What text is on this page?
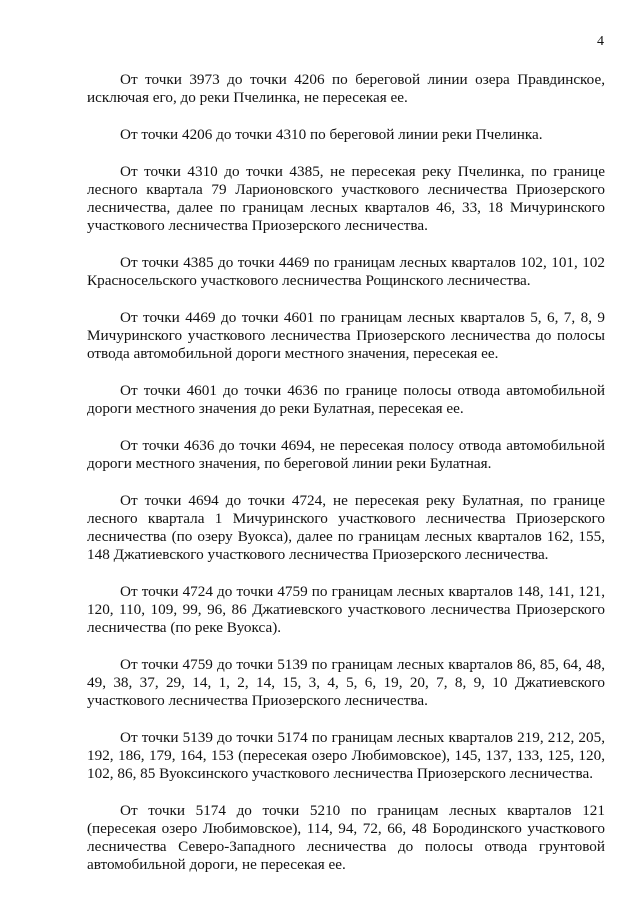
4

От точки 3973 до точки 4206 по береговой линии озера Правдинское, исключая его, до реки Пчелинка, не пересекая ее.

От точки 4206 до точки 4310 по береговой линии реки Пчелинка.

От точки 4310 до точки 4385, не пересекая реку Пчелинка, по границе лесного квартала 79 Ларионовского участкового лесничества Приозерского лесничества, далее по границам лесных кварталов 46, 33, 18 Мичуринского участкового лесничества Приозерского лесничества.

От точки 4385 до точки 4469 по границам лесных кварталов 102, 101, 102 Красносельского участкового лесничества Рощинского лесничества.

От точки 4469 до точки 4601 по границам лесных кварталов 5, 6, 7, 8, 9 Мичуринского участкового лесничества Приозерского лесничества до полосы отвода автомобильной дороги местного значения, пересекая ее.

От точки 4601 до точки 4636 по границе полосы отвода автомобильной дороги местного значения до реки Булатная, пересекая ее.

От точки 4636 до точки 4694, не пересекая полосу отвода автомобильной дороги местного значения, по береговой линии реки Булатная.

От точки 4694 до точки 4724, не пересекая реку Булатная, по границе лесного квартала 1 Мичуринского участкового лесничества Приозерского лесничества (по озеру Вуокса), далее по границам лесных кварталов 162, 155, 148 Джатиевского участкового лесничества Приозерского лесничества.

От точки 4724 до точки 4759 по границам лесных кварталов 148, 141, 121, 120, 110, 109, 99, 96, 86 Джатиевского участкового лесничества Приозерского лесничества (по реке Вуокса).

От точки 4759 до точки 5139 по границам лесных кварталов 86, 85, 64, 48, 49, 38, 37, 29, 14, 1, 2, 14, 15, 3, 4, 5, 6, 19, 20, 7, 8, 9, 10 Джатиевского участкового лесничества Приозерского лесничества.

От точки 5139 до точки 5174 по границам лесных кварталов 219, 212, 205, 192, 186, 179, 164, 153 (пересекая озеро Любимовское), 145, 137, 133, 125, 120, 102, 86, 85 Вуоксинского участкового лесничества Приозерского лесничества.

От точки 5174 до точки 5210 по границам лесных кварталов 121 (пересекая озеро Любимовское), 114, 94, 72, 66, 48 Бородинского участкового лесничества Северо-Западного лесничества до полосы отвода грунтовой автомобильной дороги, не пересекая ее.
